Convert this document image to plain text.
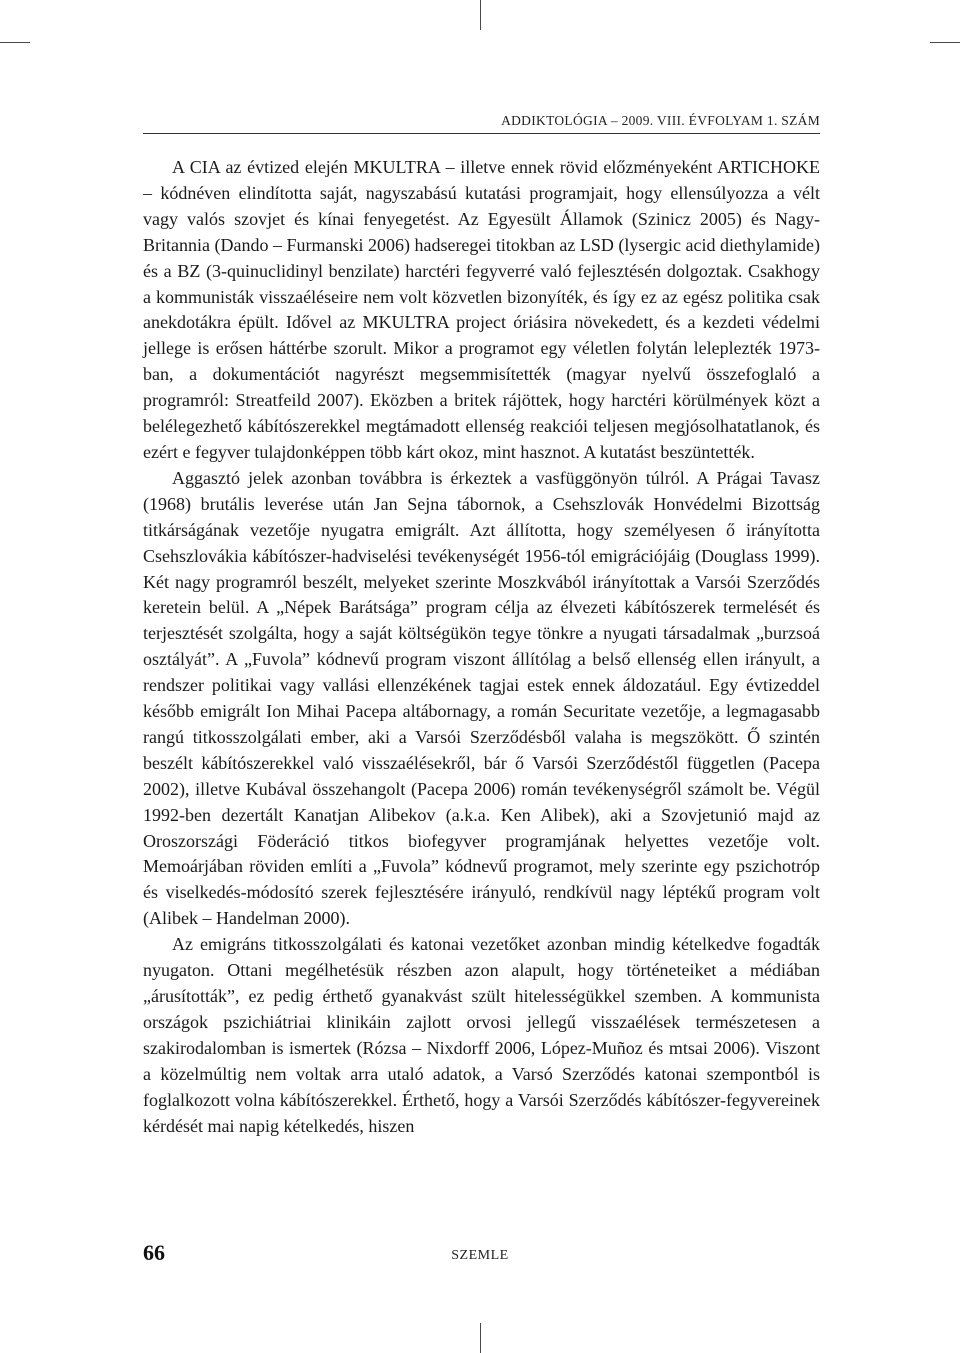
ADDIKTOLÓGIA – 2009. VIII. ÉVFOLYAM 1. SZÁM

A CIA az évtized elején MKULTRA – illetve ennek rövid előzményeként ARTICHOKE – kódnéven elindította saját, nagyszabású kutatási programjait, hogy ellensúlyozza a vélt vagy valós szovjet és kínai fenyegetést. Az Egyesült Államok (Szinicz 2005) és Nagy-Britannia (Dando – Furmanski 2006) hadseregei titokban az LSD (lysergic acid diethylamide) és a BZ (3-quinuclidinyl benzilate) harctéri fegyverré való fejlesztésén dolgoztak. Csakhogy a kommunisták visszaéléseire nem volt közvetlen bizonyíték, és így ez az egész politika csak anekdotákra épült. Idővel az MKULTRA project óriásira növekedett, és a kezdeti védelmi jellege is erősen háttérbe szorult. Mikor a programot egy véletlen folytán leleplezték 1973-ban, a dokumentációt nagyrészt megsemmisítették (magyar nyelvű összefoglaló a programról: Streatfeild 2007). Eközben a britek rájöttek, hogy harctéri körülmények közt a belélegezhető kábítószerekkel megtámadott ellenség reakciói teljesen megjósolhatatlanok, és ezért e fegyver tulajdonképpen több kárt okoz, mint hasznot. A kutatást beszüntették.

Aggasztó jelek azonban továbbra is érkeztek a vasfüggönyön túlról. A Prágai Tavasz (1968) brutális leverése után Jan Sejna tábornok, a Csehszlovák Honvédelmi Bizottság titkárságának vezetője nyugatra emigrált. Azt állította, hogy személyesen ő irányította Csehszlovákia kábítószer-hadviselési tevékenységét 1956-tól emigrációjáig (Douglass 1999). Két nagy programról beszélt, melyeket szerinte Moszkvából irányítottak a Varsói Szerződés keretein belül. A „Népek Barátsága” program célja az élvezeti kábítószerek termelését és terjesztését szolgálta, hogy a saját költségükön tegye tönkre a nyugati társadalmak „burzsoá osztályát”. A „Fuvola” kódnevű program viszont állítólag a belső ellenség ellen irányult, a rendszer politikai vagy vallási ellenzékének tagjai estek ennek áldozatául. Egy évtizeddel később emigrált Ion Mihai Pacepa altábornagy, a román Securitate vezetője, a legmagasabb rangú titkosszolgálati ember, aki a Varsói Szerződésből valaha is megszökött. Ő szintén beszélt kábítószerekkel való visszaélésekről, bár ő Varsói Szerződéstől független (Pacepa 2002), illetve Kubával összehangolt (Pacepa 2006) román tevékenységről számolt be. Végül 1992-ben dezertált Kanatjan Alibekov (a.k.a. Ken Alibek), aki a Szovjetunió majd az Oroszországi Föderáció titkos biofegyver programjának helyettes vezetője volt. Memoárjában röviden említi a „Fuvola” kódnevű programot, mely szerinte egy pszichotróp és viselkedés-módosító szerek fejlesztésére irányuló, rendkívül nagy léptékű program volt (Alibek – Handelman 2000).

Az emigráns titkosszolgálati és katonai vezetőket azonban mindig kételkedve fogadták nyugaton. Ottani megélhetésük részben azon alapult, hogy történeteiket a médiában „árusították”, ez pedig érthető gyanakvást szült hitelességükkel szemben. A kommunista országok pszichiátriai klinikáin zajlott orvosi jellegű visszaélések természetesen a szakirodalomban is ismertek (Rózsa – Nixdorff 2006, López-Muñoz és mtsai 2006). Viszont a közelmúltig nem voltak arra utaló adatok, a Varsó Szerződés katonai szempontból is foglalkozott volna kábítószerekkel. Érthető, hogy a Varsói Szerződés kábítószer-fegyvereinek kérdését mai napig kételkedés, hiszen

66	SZEMLE
